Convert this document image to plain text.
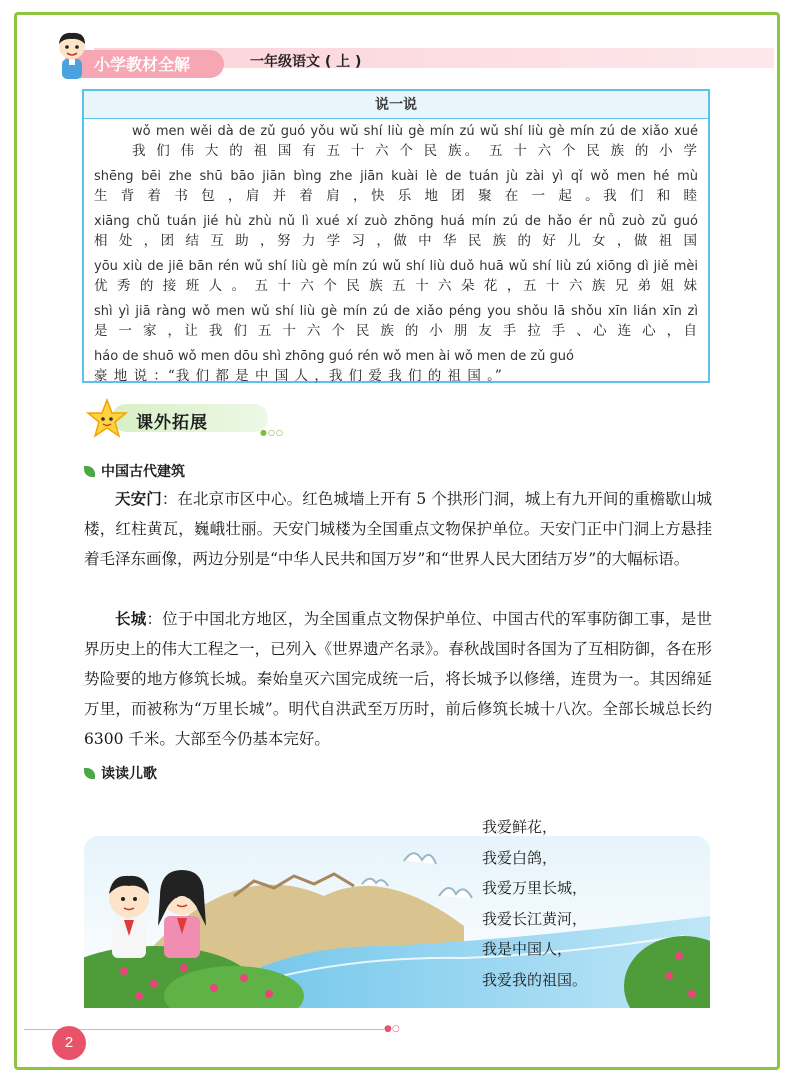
小学教材全解	一年级语文 ( 上 )
说一说
wǒ men wěi dà de zǔ guó yǒu wǔ shí liù gè mín zú wǔ shí liù gè mín zú de xiǎo xué
我 们 伟 大 的 祖 国 有 五 十 六 个 民 族。 五 十 六 个 民 族 的 小 学
shēng bēi zhe shū bāo jiān bìng zhe jiān kuài lè de tuán jù zài yì qǐ wǒ men hé mù
生 背 着 书 包 ，肩 并 着 肩 ，快 乐 地 团 聚 在 一 起 。我 们 和 睦
xiāng chǔ tuán jié hù zhù nǔ lì xué xí zuò zhōng huá mín zú de hǎo ér nǚ zuò zǔ guó
相 处 ，团 结 互 助 ，努 力 学 习 ，做 中 华 民 族 的 好 儿 女 ，做 祖 国
yōu xiù de jiē bān rén wǔ shí liù gè mín zú wǔ shí liù duǒ huā wǔ shí liù zú xiōng dì jiě mèi
优 秀 的 接 班 人 。 五 十 六 个 民 族 五 十 六 朵 花 ，五 十 六 族 兄 弟 姐 妹
shì yì jiā ràng wǒ men wǔ shí liù gè mín zú de xiǎo péng you shǒu lā shǒu xīn lián xīn zì
是 一 家 ，让 我 们 五 十 六 个 民 族 的 小 朋 友 手 拉 手 、心 连 心 ，自
háo de shuō wǒ men dōu shì zhōng guó rén wǒ men ài wǒ men de zǔ guó
豪 地 说 ：“我 们 都 是 中 国 人 ，我 们 爱 我 们 的 祖 国 。”
课外拓展	●○○
中国古代建筑

天安门：在北京市区中心。红色城墙上开有 5 个拱形门洞，城上有九开间的重檐歇山城楼，红柱黄瓦，巍峨壮丽。天安门城楼为全国重点文物保护单位。天安门正中门洞上方悬挂着毛泽东画像，两边分别是“中华人民共和国万岁”和“世界人民大团结万岁”的大幅标语。

长城：位于中国北方地区，为全国重点文物保护单位、中国古代的军事防御工事，是世界历史上的伟大工程之一，已列入《世界遗产名录》。春秋战国时各国为了互相防御，各在形势险要的地方修筑长城。秦始皇灭六国完成统一后，将长城予以修缮，连贯为一。其因绵延万里，而被称为“万里长城”。明代自洪武至万历时，前后修筑长城十八次。全部长城总长约 6300 千米。大部至今仍基本完好。

读读儿歌
我爱鲜花，
我爱白鸽，
我爱万里长城，
我爱长江黄河，
我是中国人，
我爱我的祖国。
●○
2
